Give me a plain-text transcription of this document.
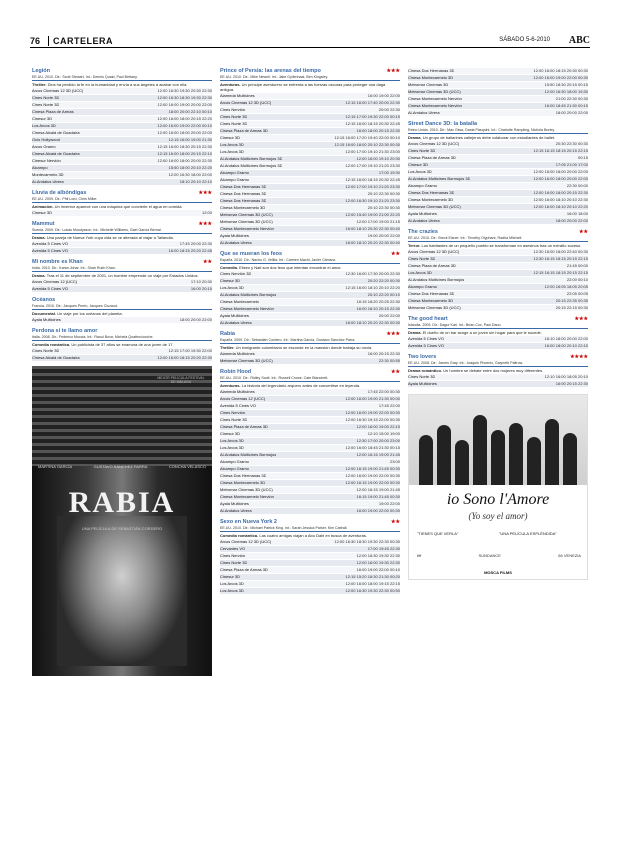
76	CARTELERA	SÁBADO 5-6-2010 ABC
Legión
EE.UU. 2010. Dir.: Scott Stewart. Int.: Dennis Quaid, Paul Bettany.
Thriller. Dios ha perdido la fe en la humanidad y envía a sus ángeles a acabar con ella.
Arcos Cinemas 12 3D (UCC)	12:00 16:30 19:30 20:30 22:30
Cines Norte 3D	12:00 16:30 18:30 19:30 22:30
Cines Norte 3D	12:00 16:00 19:00 20:00 22:00
Cinesa Plaza de Armas	18:00 20:00 22:10 00:10
Cinesur 3D	12:00 16:00 18:00 20:15 22:20
Los Arcos 3D	12:00 16:00 19:00 22:00 00:10
Cinesa Alcalá de Guadaíra	12:00 16:00 18:00 20:00 22:00
Ocio Hollywood	12:15 16:00 19:00 21:30
Arcos Gramo	12:15 16:00 18:30 20:15 22:30
Cinesa Alcalá de Guadaíra	12:15 16:00 18:00 20:15 22:10
Cinesur Nervión	12:00 16:00 18:00 20:00 22:30
Alcampo	15:50 18:00 20:10 22:20
Montecarmelo 3D	12:00 16:30 18:00 22:00
Al-Andalus Utrera	18:10 20:10 22:10
Lluvia de albóndigas	★★★
EE.UU. 2009. Dir.: Phil Lord, Chris Miller.
Animación. Un inventor aparece con una máquina que convierte el agua en comida.
Cinesur 3D	12:00
Mammut	★★★
Suecia. 2009. Dir.: Lukas Moodysson. Int.: Michelle Williams, Gael García Bernal.
Drama. Una pareja de Nueva York cuya vida se ve alterada al viajar a Tailandia.
Avenida 5 Cines VO	17:45 20:00 22:30
Avenida 5 Cines VO	16:00 18:15 20:20 22:45
Mi nombre es Khan	★★
India. 2010. Dir.: Karan Johar. Int.: Shah Rukh Khan.
Drama. Tras el 11 de septiembre de 2001, un hombre emprende un viaje por Estados Unidos.
Arcos Cinemas 12 (UCC)	17:10 20:30
Avenida 5 Cines VO	16:00 20:15
Océanos
Francia. 2010. Dir.: Jacques Perrin, Jacques Cluzaud.
Documental. Un viaje por los océanos del planeta.
Ayala Multicines	18:00 20:00 22:00
Perdona si te llamo amor
Italia. 2008. Dir.: Federico Moccia. Int.: Raoul Bova, Michela Quattrociocche.
Comedia romántica. Un publicista de 37 años se enamora de una joven de 17.
Cines Norte 3D	12:15 17:00 19:30 22:00
Cinesa Alcalá de Guadaíra	12:00 16:00 18:15 20:20 22:30
MARTINA GARCÍA	GUSTAVO SÁNCHEZ PARRA	CONCHA VELASCO
RABIA
UNA PELÍCULA DE SEBASTIÁN CORDERO
MEJOR PELÍCULA FESTIVAL DE MÁLAGA
Prince of Persia: las arenas del tiempo	★★★
EE.UU. 2010. Dir.: Mike Newell. Int.: Jake Gyllenhaal, Ben Kingsley.
Aventuras. Un príncipe aventurero se enfrenta a las fuerzas oscuras para proteger una daga antigua.
Alameda Multicines	16:00 19:00 22:00
Arcos Cinemas 12 3D (UCC)	12:15 16:00 17:40 20:00 22:30
Cines Nervión	20:00 22:30
Cines Norte 3D	12:15 17:00 19:30 22:00 00:15
Cines Norte 3D	12:15 16:00 18:15 20:30 22:45
Cinesa Plaza de Armas 3D	16:00 18:00 20:15 22:30
Cinesur 3D	12:15 16:00 17:20 19:40 22:00 00:10
Los Arcos 3D	12:15 16:00 18:00 20:10 22:30 00:30
Los Arcos 3D	12:00 17:00 19:10 21:30 23:00
Al-Andalus Multicines Bormujos 3D	12:00 16:00 19:10 20:30
Al-Andalus Multicines Bormujos 3D	12:00 17:00 19:10 21:20 23:30
Alcampo Gramo	17:00 19:30
Alcampo Gramo	12:15 16:00 18:15 20:30 22:45
Cinesa Dos Hermanas 3D	12:00 17:00 19:10 21:20 23:30
Cinesa Dos Hermanas 3D	20:10 22:30 00:30
Cinesa Dos Hermanas 3D	12:00 16:30 19:10 21:20 23:30
Cinesa Montecarmelo 3D	20:10 22:30 00:30
Metromar Cinemas 3D (UCC)	12:00 15:40 19:00 21:00 22:20
Metromar Cinemas 3D (UCC)	12:00 17:00 19:00 21:15
Cinesa Montecarmelo Nervión	16:00 18:10 20:30 22:30 00:40
Ayala Multicines	19:00 20:00 22:00
Al-Andalus Utrera	16:00 18:10 20:20 22:30 00:40
Que se mueran los feos	★★
España. 2010. Dir.: Nacho G. Velilla. Int.: Carmen Machi, Javier Cámara.
Comedia. Eliseo y Nati son dos feos que intentan encontrar el amor.
Cines Nervión 3D	12:30 16:00 17:30 20:00 22:30
Cinesur 3D	20:20 22:20 00:30
Los Arcos 3D	12:15 16:00 18:10 20:10 22:20
Al-Andalus Multicines Bormujos	20:10 22:20 00:10
Cinesa Montecarmelo	16:15 18:20 20:25 22:30
Cinesa Montecarmelo Nervión	16:00 18:10 20:15 22:30
Ayala Multicines	20:00 22:00
Al-Andalus Utrera	16:00 18:10 20:20 22:30 00:30
Rabia	★★★
España. 2009. Dir.: Sebastián Cordero. Int.: Martina García, Gustavo Sánchez Parra.
Thriller. Un inmigrante colombiano se esconde en la mansión donde trabaja su novia.
Alameda Multicines	16:00 20:15 22:30
Metromar Cinemas 3D (UCC)	22:30 00:55
Robin Hood	★★
EE.UU. 2010. Dir.: Ridley Scott. Int.: Russell Crowe, Cate Blanchett.
Aventuras. La historia del legendario arquero antes de convertirse en leyenda.
Alameda Multicines	17:45 22:00 00:30
Arcos Cinemas 12 (UCC)	12:00 16:00 19:00 21:30 00:00
Avenida 5 Cines VO	17:45 22:00
Cines Nervión	12:00 16:00 19:00 22:00 00:30
Cines Norte 3D	12:00 16:30 19:15 22:00 00:30
Cinesa Plaza de Armas 3D	12:00 16:00 19:00 22:15
Cinesur 3D	12:10 15:00 19:00
Los Arcos 3D	12:30 17:00 20:00 23:00
Los Arcos 3D	12:00 16:00 18:45 21:30 00:15
Al-Andalus Multicines Bormujos	12:00 16:15 19:00 21:45
Alcampo Gramo	23:00
Alcampo Gramo	12:00 16:15 19:00 21:45 00:30
Cinesa Dos Hermanas 3D	12:00 16:00 19:00 22:00 00:30
Cinesa Montecarmelo 3D	12:00 16:15 19:00 22:00 00:30
Metromar Cinemas 3D (UCC)	12:00 16:15 19:00 21:45
Cinesa Montecarmelo Nervión	16:15 19:00 21:45 00:30
Ayala Multicines	19:00 22:00
Al-Andalus Utrera	16:00 19:00 22:00 00:30
Sexo en Nueva York 2	★★
EE.UU. 2010. Dir.: Michael Patrick King. Int.: Sarah Jessica Parker, Kim Cattrall.
Comedia romántica. Las cuatro amigas viajan a Abu Dabi en busca de aventuras.
Arcos Cinemas 12 3D (UCC)	12:00 16:30 18:30 19:30 22:30 00:30
Cervantes VO	17:00 19:45 22:30
Cines Nervión	12:00 16:30 19:30 22:30
Cines Norte 3D	12:00 16:00 19:30 22:30
Cinesa Plaza de Armas 3D	16:00 19:00 22:00 00:10
Cinesur 3D	12:15 15:20 18:30 21:30 00:20
Los Arcos 3D	12:00 16:00 18:00 19:15 22:15
Los Arcos 3D	12:00 16:30 19:30 22:30 00:50
Cinesa Dos Hermanas 3D	12:00 16:00 18:15 20:30 00:30
Cinesa Montecarmelo 3D	12:00 16:00 19:00 22:00 00:30
Metromar Cinemas 3D	15:50 18:30 20:15 00:15
Metromar Cinemas 3D (UCC)	12:00 16:30 18:00 19:30
Cinesa Montecarmelo Nervión	21:00 22:30 00:30
Cinesa Montecarmelo Nervión	16:00 18:45 21:30 00:15
Al-Andalus Utrera	18:00 20:00 22:00
Street Dance 3D: la batalla
Reino Unido. 2010. Dir.: Max Giwa, Dania Pasquini. Int.: Charlotte Rampling, Nichola Burley.
Drama. Un grupo de bailarines callejeros debe colaborar con estudiantes de ballet.
Arcos Cinemas 12 3D (UCC)	20:30 22:30 00:30
Cines Norte 3D	12:15 16:15 18:15 20:15 22:15
Cinesa Plaza de Armas 3D	00:15
Cinesur 3D	17:05 21:00 17:00
Los Arcos 3D	12:00 16:00 18:00 20:00 22:00
Al-Andalus Multicines Bormujos 3D	12:00 16:00 18:00 20:00 22:00
Alcampo Gramo	22:30 00:00
Cinesa Dos Hermanas 3D	12:00 16:00 18:00 20:15 22:30
Cinesa Montecarmelo 3D	12:00 16:00 18:10 20:10 22:30
Metromar Cinemas 3D (UCC)	12:00 16:00 18:10 20:10 22:20
Ayala Multicines	16:00 18:00
Al-Andalus Utrera	18:00 20:00 22:00
The crazies	★★
EE.UU. 2010. Dir.: Breck Eisner. Int.: Timothy Olyphant, Radha Mitchell.
Terror. Los habitantes de un pequeño pueblo se transforman en asesinos tras un extraño suceso.
Arcos Cinemas 12 3D (UCC)	12:30 16:00 18:00 22:40 00:30
Cines Norte 3D	12:30 16:15 18:15 20:15 22:15
Cinesa Plaza de Armas 3D	21:45 00:00
Los Arcos 3D	12:15 16:15 18:15 20:15 22:15
Al-Andalus Multicines Bormujos	22:00 00:10
Alcampo Gramo	12:00 16:05 18:05 20:05
Cinesa Dos Hermanas 3D	22:05 00:05
Cinesa Montecarmelo 3D	20:15 22:35 00:35
Metromar Cinemas 3D (UCC)	20:15 22:15 00:30
The good heart	★★★
Islandia. 2009. Dir.: Dagur Kári. Int.: Brian Cox, Paul Dano.
Drama. El dueño de un bar acoge a un joven sin hogar para que le sucede.
Avenida 5 Cines VO	16:10 18:00 20:00 22:00
Avenida 5 Cines VO	16:00 18:00 20:10 22:15
Two lovers	★★★★
EE.UU. 2008. Dir.: James Gray. Int.: Joaquin Phoenix, Gwyneth Paltrow.
Drama romántico. Un hombre se debate entre dos mujeres muy diferentes.
Cines Norte 3D	12:10 16:00 18:05 20:10
Ayala Multicines	16:00 20:15 22:30
io Sono l'Amore
(Yo soy el amor)
"TIENES QUE VERLA"	"UNA PELÍCULA ESPLÉNDIDA"
tiff	SUNDANCE	66 VENEZIA
MOSCA FILMS
